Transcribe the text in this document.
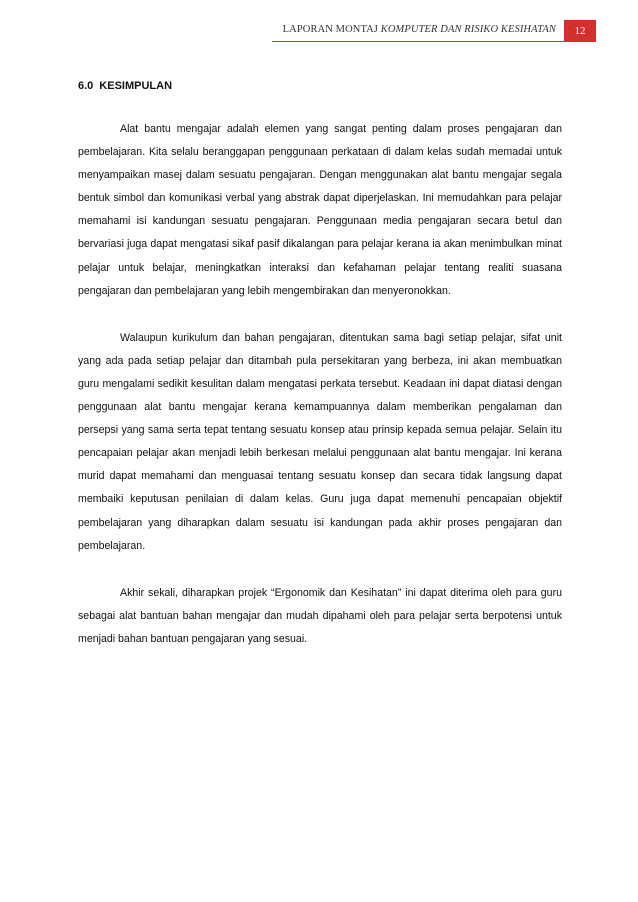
LAPORAN MONTAJ KOMPUTER DAN RISIKO KESIHATAN	12
6.0 KESIMPULAN

Alat bantu mengajar adalah elemen yang sangat penting dalam proses pengajaran dan pembelajaran. Kita selalu beranggapan penggunaan perkataan di dalam kelas sudah memadai untuk menyampaikan masej dalam sesuatu pengajaran. Dengan menggunakan alat bantu mengajar segala bentuk simbol dan komunikasi verbal yang abstrak dapat diperjelaskan. Ini memudahkan para pelajar memahami isi kandungan sesuatu pengajaran. Penggunaan media pengajaran secara betul dan bervariasi juga dapat mengatasi sikaf pasif dikalangan para pelajar kerana ia akan menimbulkan minat pelajar untuk belajar, meningkatkan interaksi dan kefahaman pelajar tentang realiti suasana pengajaran dan pembelajaran yang lebih mengembirakan dan menyeronokkan.

Walaupun kurikulum dan bahan pengajaran, ditentukan sama bagi setiap pelajar, sifat unit yang ada pada setiap pelajar dan ditambah pula persekitaran yang berbeza, ini akan membuatkan guru mengalami sedikit kesulitan dalam mengatasi perkata tersebut. Keadaan ini dapat diatasi dengan penggunaan alat bantu mengajar kerana kemampuannya dalam memberikan pengalaman dan persepsi yang sama serta tepat tentang sesuatu konsep atau prinsip kepada semua pelajar. Selain itu pencapaian pelajar akan menjadi lebih berkesan melalui penggunaan alat bantu mengajar. Ini kerana murid dapat memahami dan menguasai tentang sesuatu konsep dan secara tidak langsung dapat membaiki keputusan penilaian di dalam kelas. Guru juga dapat memenuhi pencapaian objektif pembelajaran yang diharapkan dalam sesuatu isi kandungan pada akhir proses pengajaran dan pembelajaran.

Akhir sekali, diharapkan projek “Ergonomik dan Kesihatan” ini dapat diterima oleh para guru sebagai alat bantuan bahan mengajar dan mudah dipahami oleh para pelajar serta berpotensi untuk menjadi bahan bantuan pengajaran yang sesuai.
